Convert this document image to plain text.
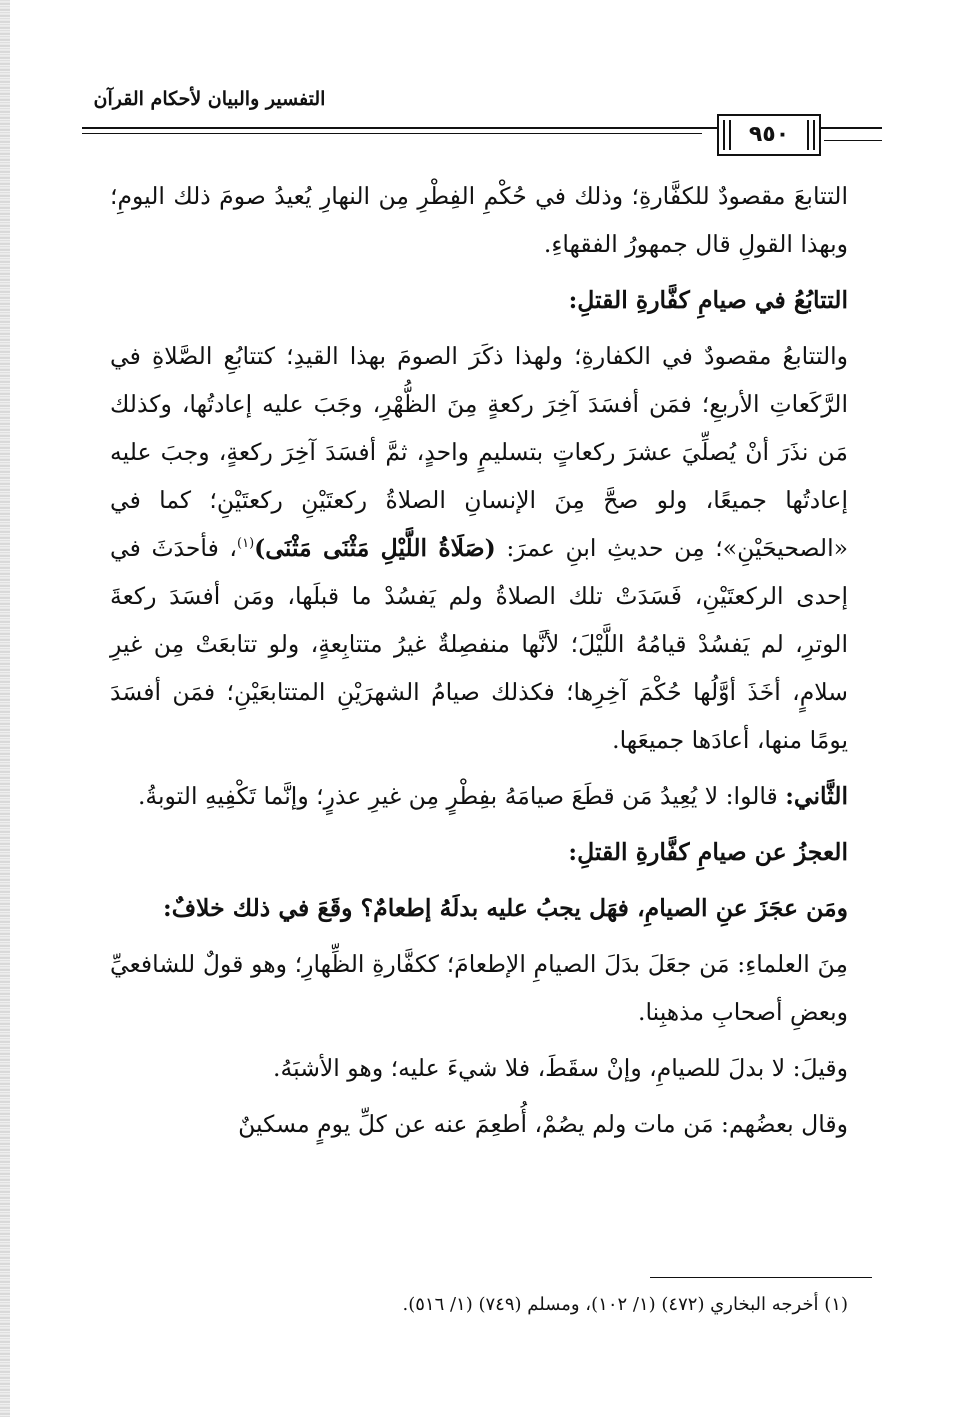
التفسير والبيان لأحكام القرآن
٩٥٠

التتابعَ مقصودٌ للكفَّارةِ؛ وذلك في حُكْمِ الفِطْرِ مِن النهارِ يُعيدُ صومَ ذلك اليومِ؛ وبهذا القولِ قال جمهورُ الفقهاءِ.

التتابُعُ في صيامِ كفَّارةِ القتلِ:

والتتابعُ مقصودٌ في الكفارةِ؛ ولهذا ذكَرَ الصومَ بهذا القيدِ؛ كتتابُعِ الصَّلاةِ في الرَّكَعاتِ الأربعِ؛ فمَن أفسَدَ آخِرَ ركعةٍ مِنَ الظُّهْرِ، وجَبَ عليه إعادتُها، وكذلك مَن نذَرَ أنْ يُصلِّيَ عشرَ ركعاتٍ بتسليمٍ واحدٍ، ثمَّ أفسَدَ آخِرَ ركعةٍ، وجبَ عليه إعادتُها جميعًا، ولو صحَّ مِنَ الإنسانِ الصلاةُ ركعتَيْنِ ركعتَيْنِ؛ كما في «الصحيحَيْنِ»؛ مِن حديثِ ابنِ عمرَ: (صَلَاةُ اللَّيْلِ مَثْنَى مَثْنَى)$^{(١)}$، فأحدَثَ في إحدى الركعتَيْنِ، فَسَدَتْ تلك الصلاةُ ولم يَفسُدْ ما قبلَها، ومَن أفسَدَ ركعةَ الوترِ، لم يَفسُدْ قيامُهُ اللَّيْلَ؛ لأنَّها منفصِلةٌ غيرُ متتابِعةٍ، ولو تتابعَتْ مِن غيرِ سلامٍ، أخَذَ أوَّلُها حُكْمَ آخِرِها؛ فكذلك صيامُ الشهرَيْنِ المتتابعَيْنِ؛ فمَن أفسَدَ يومًا منها، أعادَها جميعَها.

الثَّاني: قالوا: لا يُعِيدُ مَن قطَعَ صيامَهُ بفِطْرٍ مِن غيرِ عذرٍ؛ وإنَّما تَكْفِيهِ التوبةُ.

العجزُ عن صيامِ كفَّارةِ القتلِ:

ومَن عجَزَ عنِ الصيامِ، فهَل يجبُ عليه بدلَهُ إطعامٌ؟ وقَعَ في ذلك خلافٌ:

مِنَ العلماءِ: مَن جعَلَ بدَلَ الصيامِ الإطعامَ؛ ككفَّارةِ الظِّهارِ؛ وهو قولٌ للشافعيِّ وبعضِ أصحابِ مذهبِنا.

وقيلَ: لا بدلَ للصيامِ، وإنْ سقَطَ، فلا شيءَ عليه؛ وهو الأشبَهُ.

وقال بعضُهم: مَن مات ولم يصُمْ، أُطعِمَ عنه عن كلِّ يومٍ مسكينٌ

(١) أخرجه البخاري (٤٧٢) (١/ ١٠٢)، ومسلم (٧٤٩) (١/ ٥١٦).
